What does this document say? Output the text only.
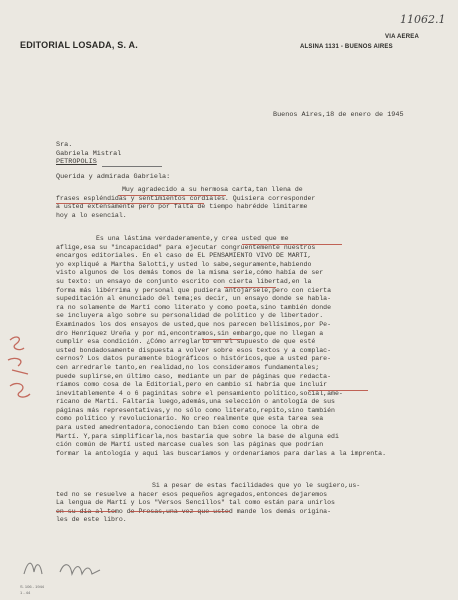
11062.1
EDITORIAL LOSADA, S. A.
VIA AEREA
ALSINA 1131 - BUENOS AIRES
Buenos Aires,18 de enero de 1945
Sra.
Gabriela Mistral
PETROPOLIS
Querida y admirada Gabriela:
Muy agradecido a su hermosa carta,tan llena de
frases espléndidas y sentimientos cordiales. Quisiera corresponder
a usted extensamente pero por falta de tiempo habrédde limitarme
hoy a lo esencial.
Es una lástima verdaderamente,y crea usted que me
aflige,esa su "incapacidad" para ejecutar congruentemente nuestros
encargos editoriales. En el caso de EL PENSAMIENTO VIVO DE MARTI,
yo expliqué a Martha Salotti,y usted lo sabe,seguramente,habiendo
visto algunos de los demás tomos de la misma serie,cómo había de ser
su texto: un ensayo de conjunto escrito con cierta libertad,en la
forma más libérrima y personal que pudiera antojársele,pero con cierta
supeditación al enunciado del tema;es decir, un ensayo donde se habla-
ra no solamente de Martí como literato y como poeta,sino también donde
se incluyera algo sobre su personalidad de político y de libertador.
Examinados los dos ensayos de usted,que nos parecen bellísimos,por Pe-
dro Henríquez Ureña y por mí,encontramos,sin embargo,que no llegan a
cumplir esa condición. ¿Cómo arreglarlo en el supuesto de que esté
usted bondadosamente dispuesta a volver sobre esos textos y a complac-
cernos? Los datos puramente biográficos o históricos,que a usted pare-
cen arredrarle tanto,en realidad,no los consideramos fundamentales;
puede suplirse,en último caso, mediante un par de páginas que redacta-
ríamos como cosa de la Editorial,pero en cambio sí habría que incluir
inevitablemente 4 o 6 paginitas sobre el pensamiento político,social,ame-
ricano de Martí. Faltaría luego,además,una selección o antología de sus
páginas más representativas,y no sólo como literato,repito,sino también
como político y revolucionario. No creo realmente que esta tarea sea
para usted amedrentadora,conociendo tan bien como conoce la obra de
Martí. Y,para simplificarla,nos bastaría que sobre la base de alguna edi
ción común de Martí usted marcase cuales son las páginas que podrían
formar la antología y aquí las buscaríamos y ordenaríamos para darlas a la imprenta.
Si a pesar de estas facilidades que yo le sugiero,us-
ted no se resuelve a hacer esos pequeños agregados,entonces dejaremos
La lengua de Martí y Los "Versos Sencillos" tal como están para unirlos
en su día al tomo de Prosas,una vez que usted mande los demás origina-
les de este libro.
S. 106 - 1944
1 - 44
